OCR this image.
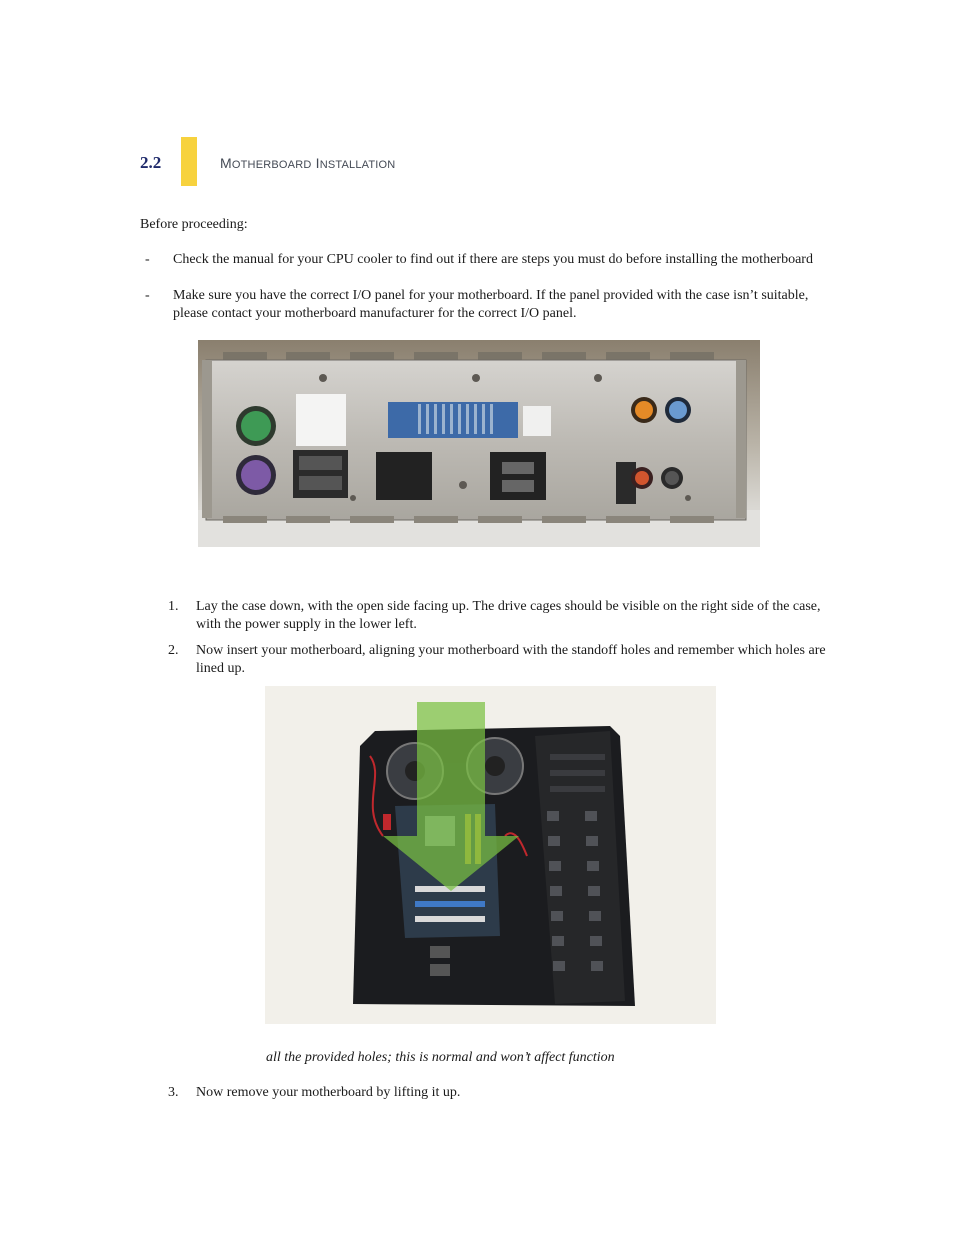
2.2	MOTHERBOARD INSTALLATION
Before proceeding:
- Check the manual for your CPU cooler to find out if there are steps you must do before installing the motherboard
- Make sure you have the correct I/O panel for your motherboard. If the panel provided with the case isn’t suitable, please contact your motherboard manufacturer for the correct I/O panel.
1. Lay the case down, with the open side facing up. The drive cages should be visible on the right side of the case, with the power supply in the lower left.
2. Now insert your motherboard, aligning your motherboard with the standoff holes and remember which holes are lined up.
all the provided holes; this is normal and won’t affect function
3. Now remove your motherboard by lifting it up.
